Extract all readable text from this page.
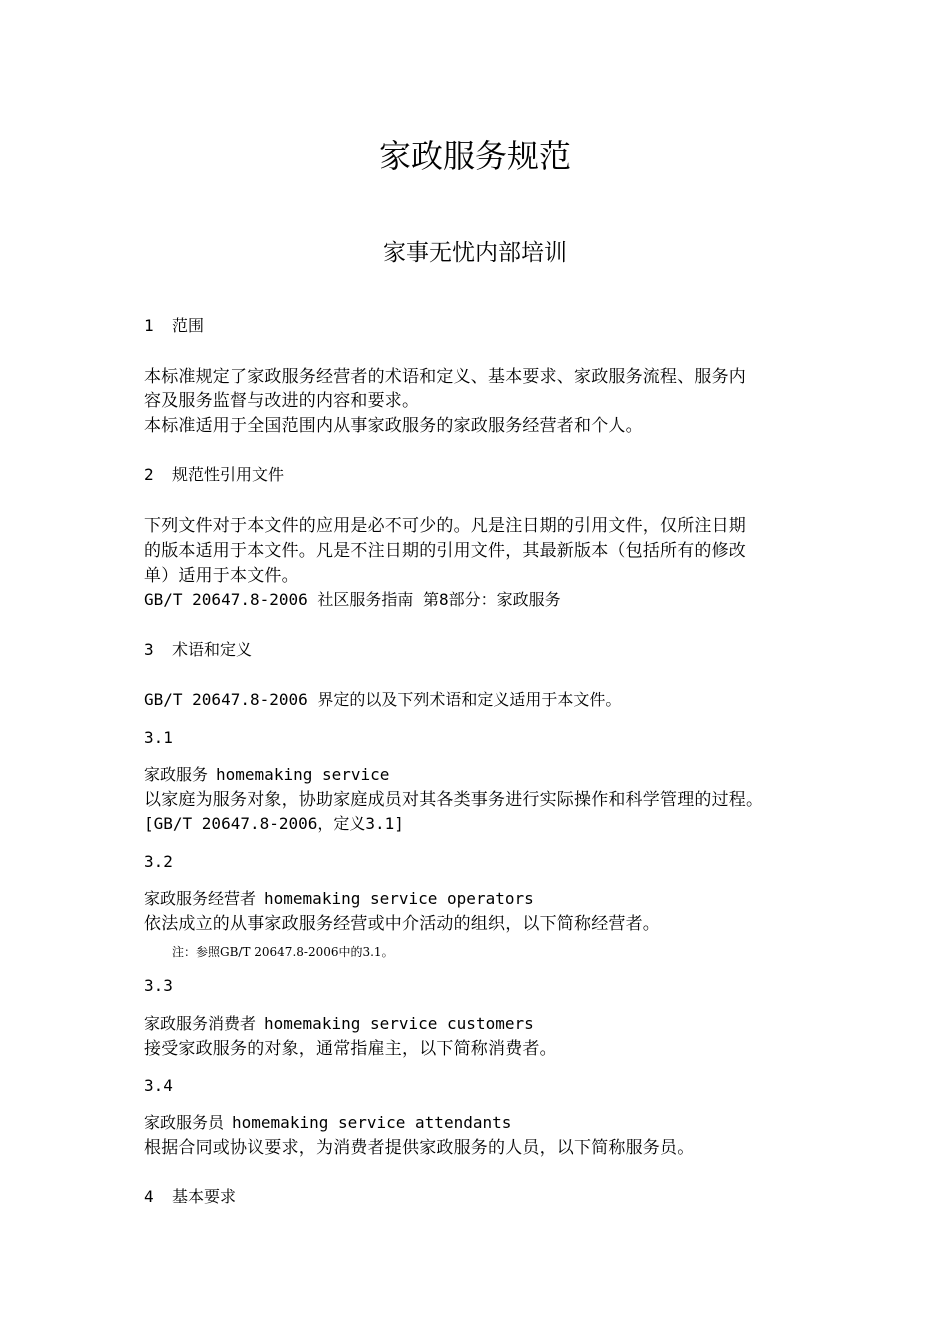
家政服务规范
家事无忧内部培训
1 范围
本标准规定了家政服务经营者的术语和定义、基本要求、家政服务流程、服务内
容及服务监督与改进的内容和要求。
本标准适用于全国范围内从事家政服务的家政服务经营者和个人。
2 规范性引用文件
下列文件对于本文件的应用是必不可少的。凡是注日期的引用文件，仅所注日期
的版本适用于本文件。凡是不注日期的引用文件，其最新版本（包括所有的修改
单）适用于本文件。
GB/T 20647.8-2006 社区服务指南 第8部分：家政服务
3 术语和定义
GB/T 20647.8-2006 界定的以及下列术语和定义适用于本文件。
3.1
家政服务 homemaking service
以家庭为服务对象，协助家庭成员对其各类事务进行实际操作和科学管理的过程。
[GB/T 20647.8-2006，定义3.1]
3.2
家政服务经营者 homemaking service operators
依法成立的从事家政服务经营或中介活动的组织，以下简称经营者。
注：参照GB/T 20647.8-2006中的3.1。
3.3
家政服务消费者 homemaking service customers
接受家政服务的对象，通常指雇主，以下简称消费者。
3.4
家政服务员 homemaking service attendants
根据合同或协议要求，为消费者提供家政服务的人员，以下简称服务员。
4 基本要求
